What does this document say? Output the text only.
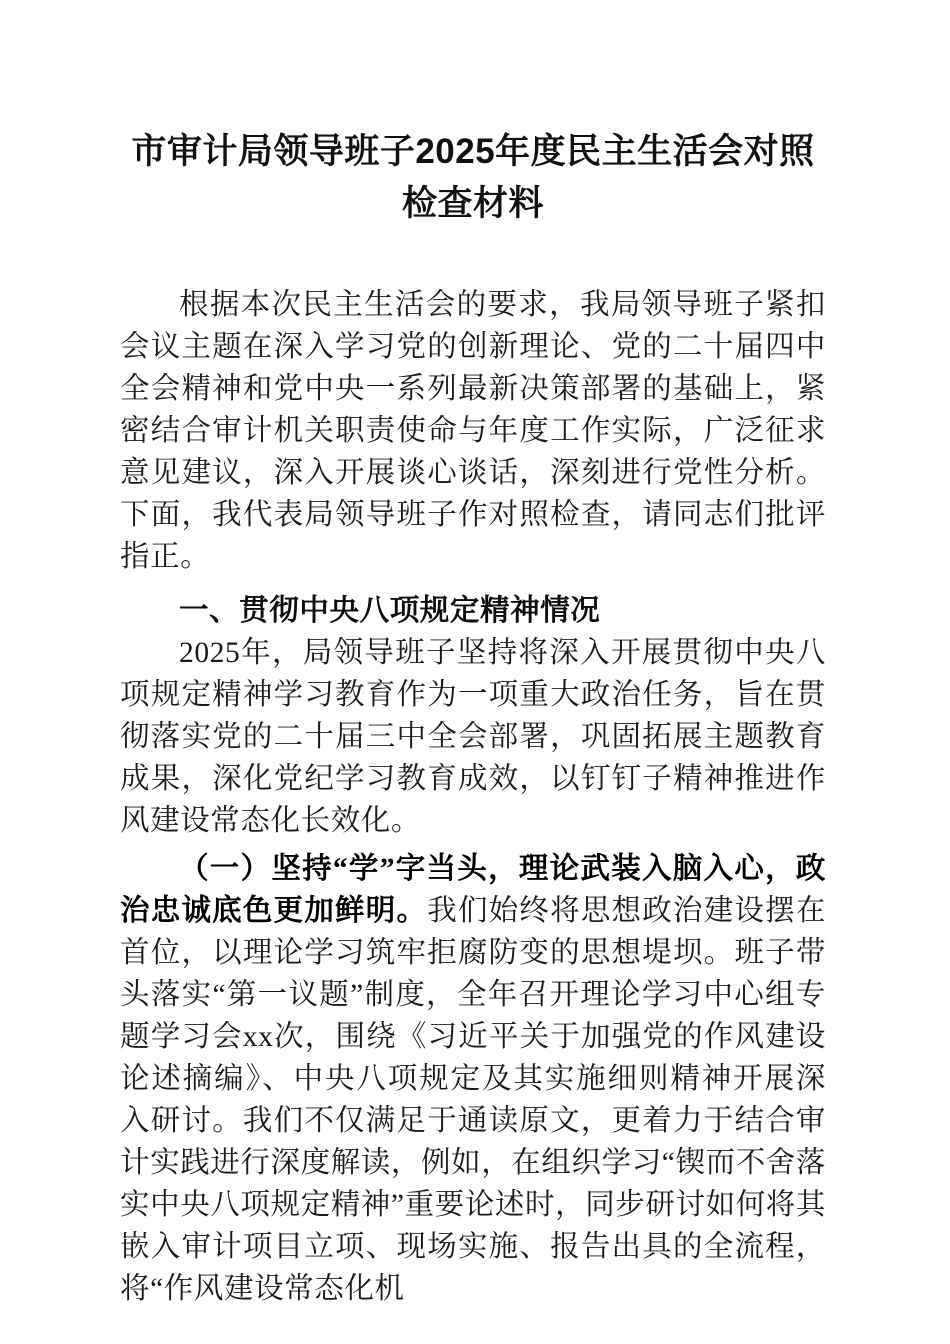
市审计局领导班子2025年度民主生活会对照检查材料

根据本次民主生活会的要求，我局领导班子紧扣会议主题在深入学习党的创新理论、党的二十届四中全会精神和党中央一系列最新决策部署的基础上，紧密结合审计机关职责使命与年度工作实际，广泛征求意见建议，深入开展谈心谈话，深刻进行党性分析。下面，我代表局领导班子作对照检查，请同志们批评指正。

一、贯彻中央八项规定精神情况

2025年，局领导班子坚持将深入开展贯彻中央八项规定精神学习教育作为一项重大政治任务，旨在贯彻落实党的二十届三中全会部署，巩固拓展主题教育成果，深化党纪学习教育成效，以钉钉子精神推进作风建设常态化长效化。

（一）坚持“学”字当头，理论武装入脑入心，政治忠诚底色更加鲜明。我们始终将思想政治建设摆在首位，以理论学习筑牢拒腐防变的思想堤坝。班子带头落实“第一议题”制度，全年召开理论学习中心组专题学习会xx次，围绕《习近平关于加强党的作风建设论述摘编》、中央八项规定及其实施细则精神开展深入研讨。我们不仅满足于通读原文，更着力于结合审计实践进行深度解读，例如，在组织学习“锲而不舍落实中央八项规定精神”重要论述时，同步研讨如何将其嵌入审计项目立项、现场实施、报告出具的全流程，将“作风建设常态化机
